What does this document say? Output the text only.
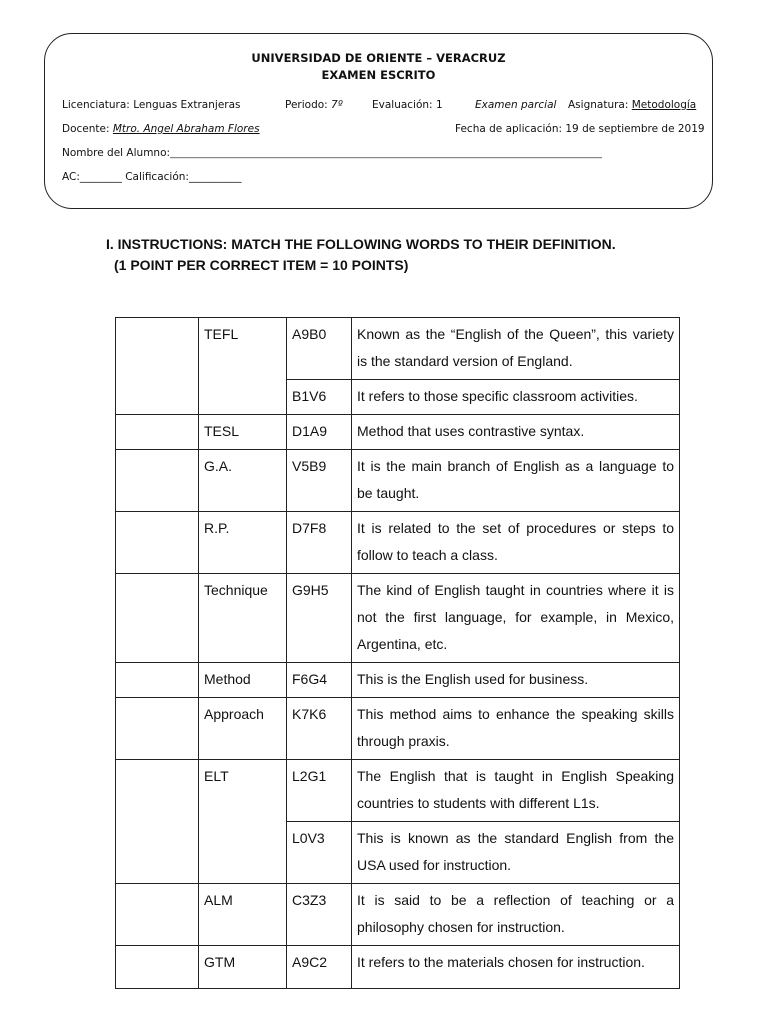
UNIVERSIDAD DE ORIENTE – VERACRUZ
EXAMEN ESCRITO
Licenciatura: Lenguas Extranjeras	Periodo: 7º	Evaluación: 1	Examen parcial Asignatura: Metodología
Docente: Mtro. Angel Abraham Flores	Fecha de aplicación: 19 de septiembre de 2019
Nombre del Alumno:________________________________________________________________________________________________
AC:________ Calificación:__________
I. INSTRUCTIONS: MATCH THE FOLLOWING WORDS TO THEIR DEFINITION.
(1 POINT PER CORRECT ITEM = 10 POINTS)
	TEFL	A9B0	Known as the “English of the Queen”, this variety is the standard version of England.
		B1V6	It refers to those specific classroom activities.
	TESL	D1A9	Method that uses contrastive syntax.
	G.A.	V5B9	It is the main branch of English as a language to be taught.
	R.P.	D7F8	It is related to the set of procedures or steps to follow to teach a class.
	Technique	G9H5	The kind of English taught in countries where it is not the first language, for example, in Mexico, Argentina, etc.
	Method	F6G4	This is the English used for business.
	Approach	K7K6	This method aims to enhance the speaking skills through praxis.
	ELT	L2G1	The English that is taught in English Speaking countries to students with different L1s.
		L0V3	This is known as the standard English from the USA used for instruction.
	ALM	C3Z3	It is said to be a reflection of teaching or a philosophy chosen for instruction.
	GTM	A9C2	It refers to the materials chosen for instruction.
